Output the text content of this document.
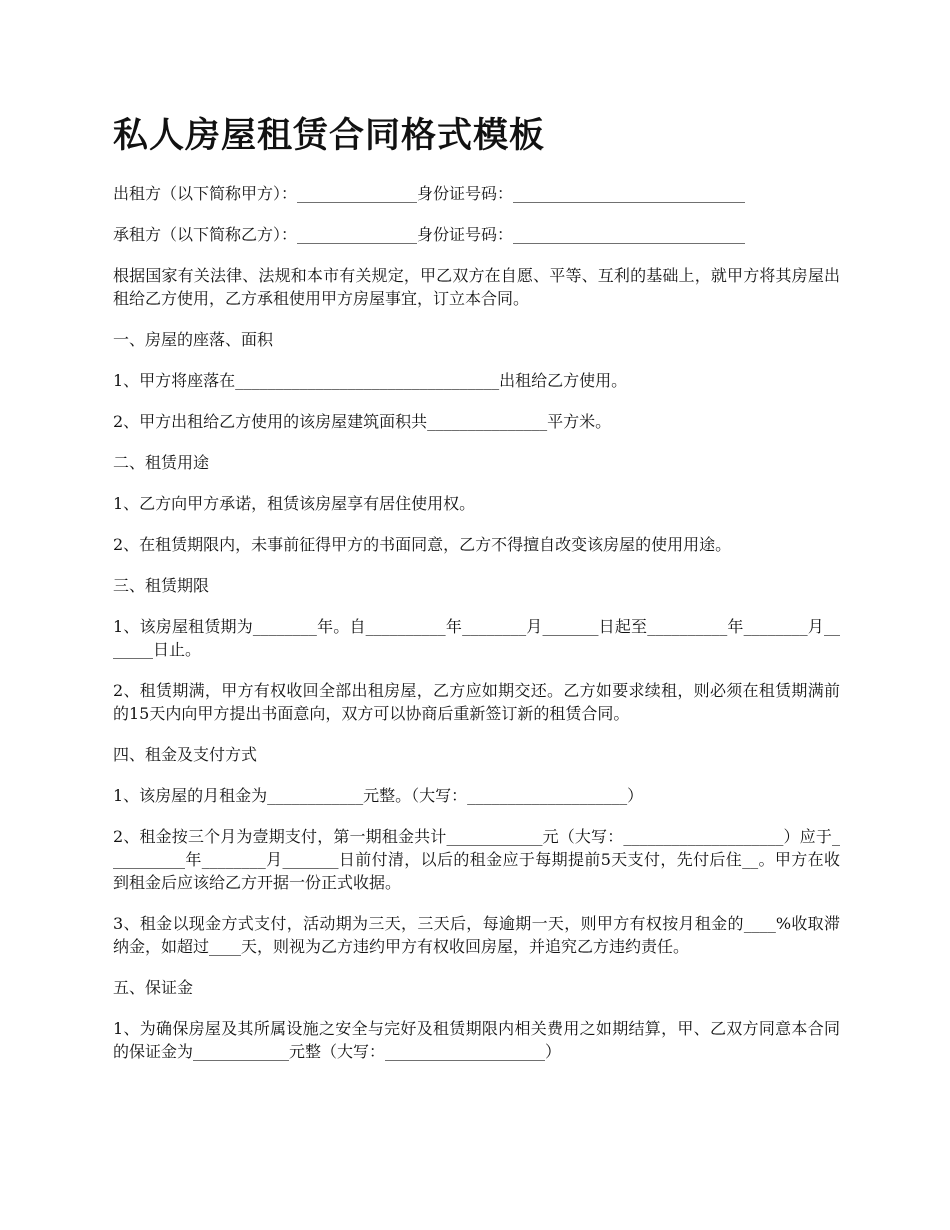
私人房屋租赁合同格式模板

出租方（以下简称甲方）：_______________身份证号码：_____________________________

承租方（以下简称乙方）：_______________身份证号码：_____________________________

根据国家有关法律、法规和本市有关规定，甲乙双方在自愿、平等、互利的基础上，就甲方将其房屋出租给乙方使用，乙方承租使用甲方房屋事宜，订立本合同。

一、房屋的座落、面积

1、甲方将座落在_________________________________出租给乙方使用。

2、甲方出租给乙方使用的该房屋建筑面积共_______________平方米。

二、租赁用途

1、乙方向甲方承诺，租赁该房屋享有居住使用权。

2、在租赁期限内，未事前征得甲方的书面同意，乙方不得擅自改变该房屋的使用用途。

三、租赁期限

1、该房屋租赁期为________年。自__________年________月_______日起至__________年________月_______日止。

2、租赁期满，甲方有权收回全部出租房屋，乙方应如期交还。乙方如要求续租，则必须在租赁期满前的15天内向甲方提出书面意向，双方可以协商后重新签订新的租赁合同。

四、租金及支付方式

1、该房屋的月租金为____________元整。（大写：____________________）

2、租金按三个月为壹期支付，第一期租金共计____________元（大写：____________________）应于__________年________月_______日前付清，以后的租金应于每期提前5天支付，先付后住__。甲方在收到租金后应该给乙方开据一份正式收据。

3、租金以现金方式支付，活动期为三天，三天后，每逾期一天，则甲方有权按月租金的____%收取滞纳金，如超过____天，则视为乙方违约甲方有权收回房屋，并追究乙方违约责任。

五、保证金

1、为确保房屋及其所属设施之安全与完好及租赁期限内相关费用之如期结算，甲、乙双方同意本合同的保证金为____________元整（大写：____________________）
